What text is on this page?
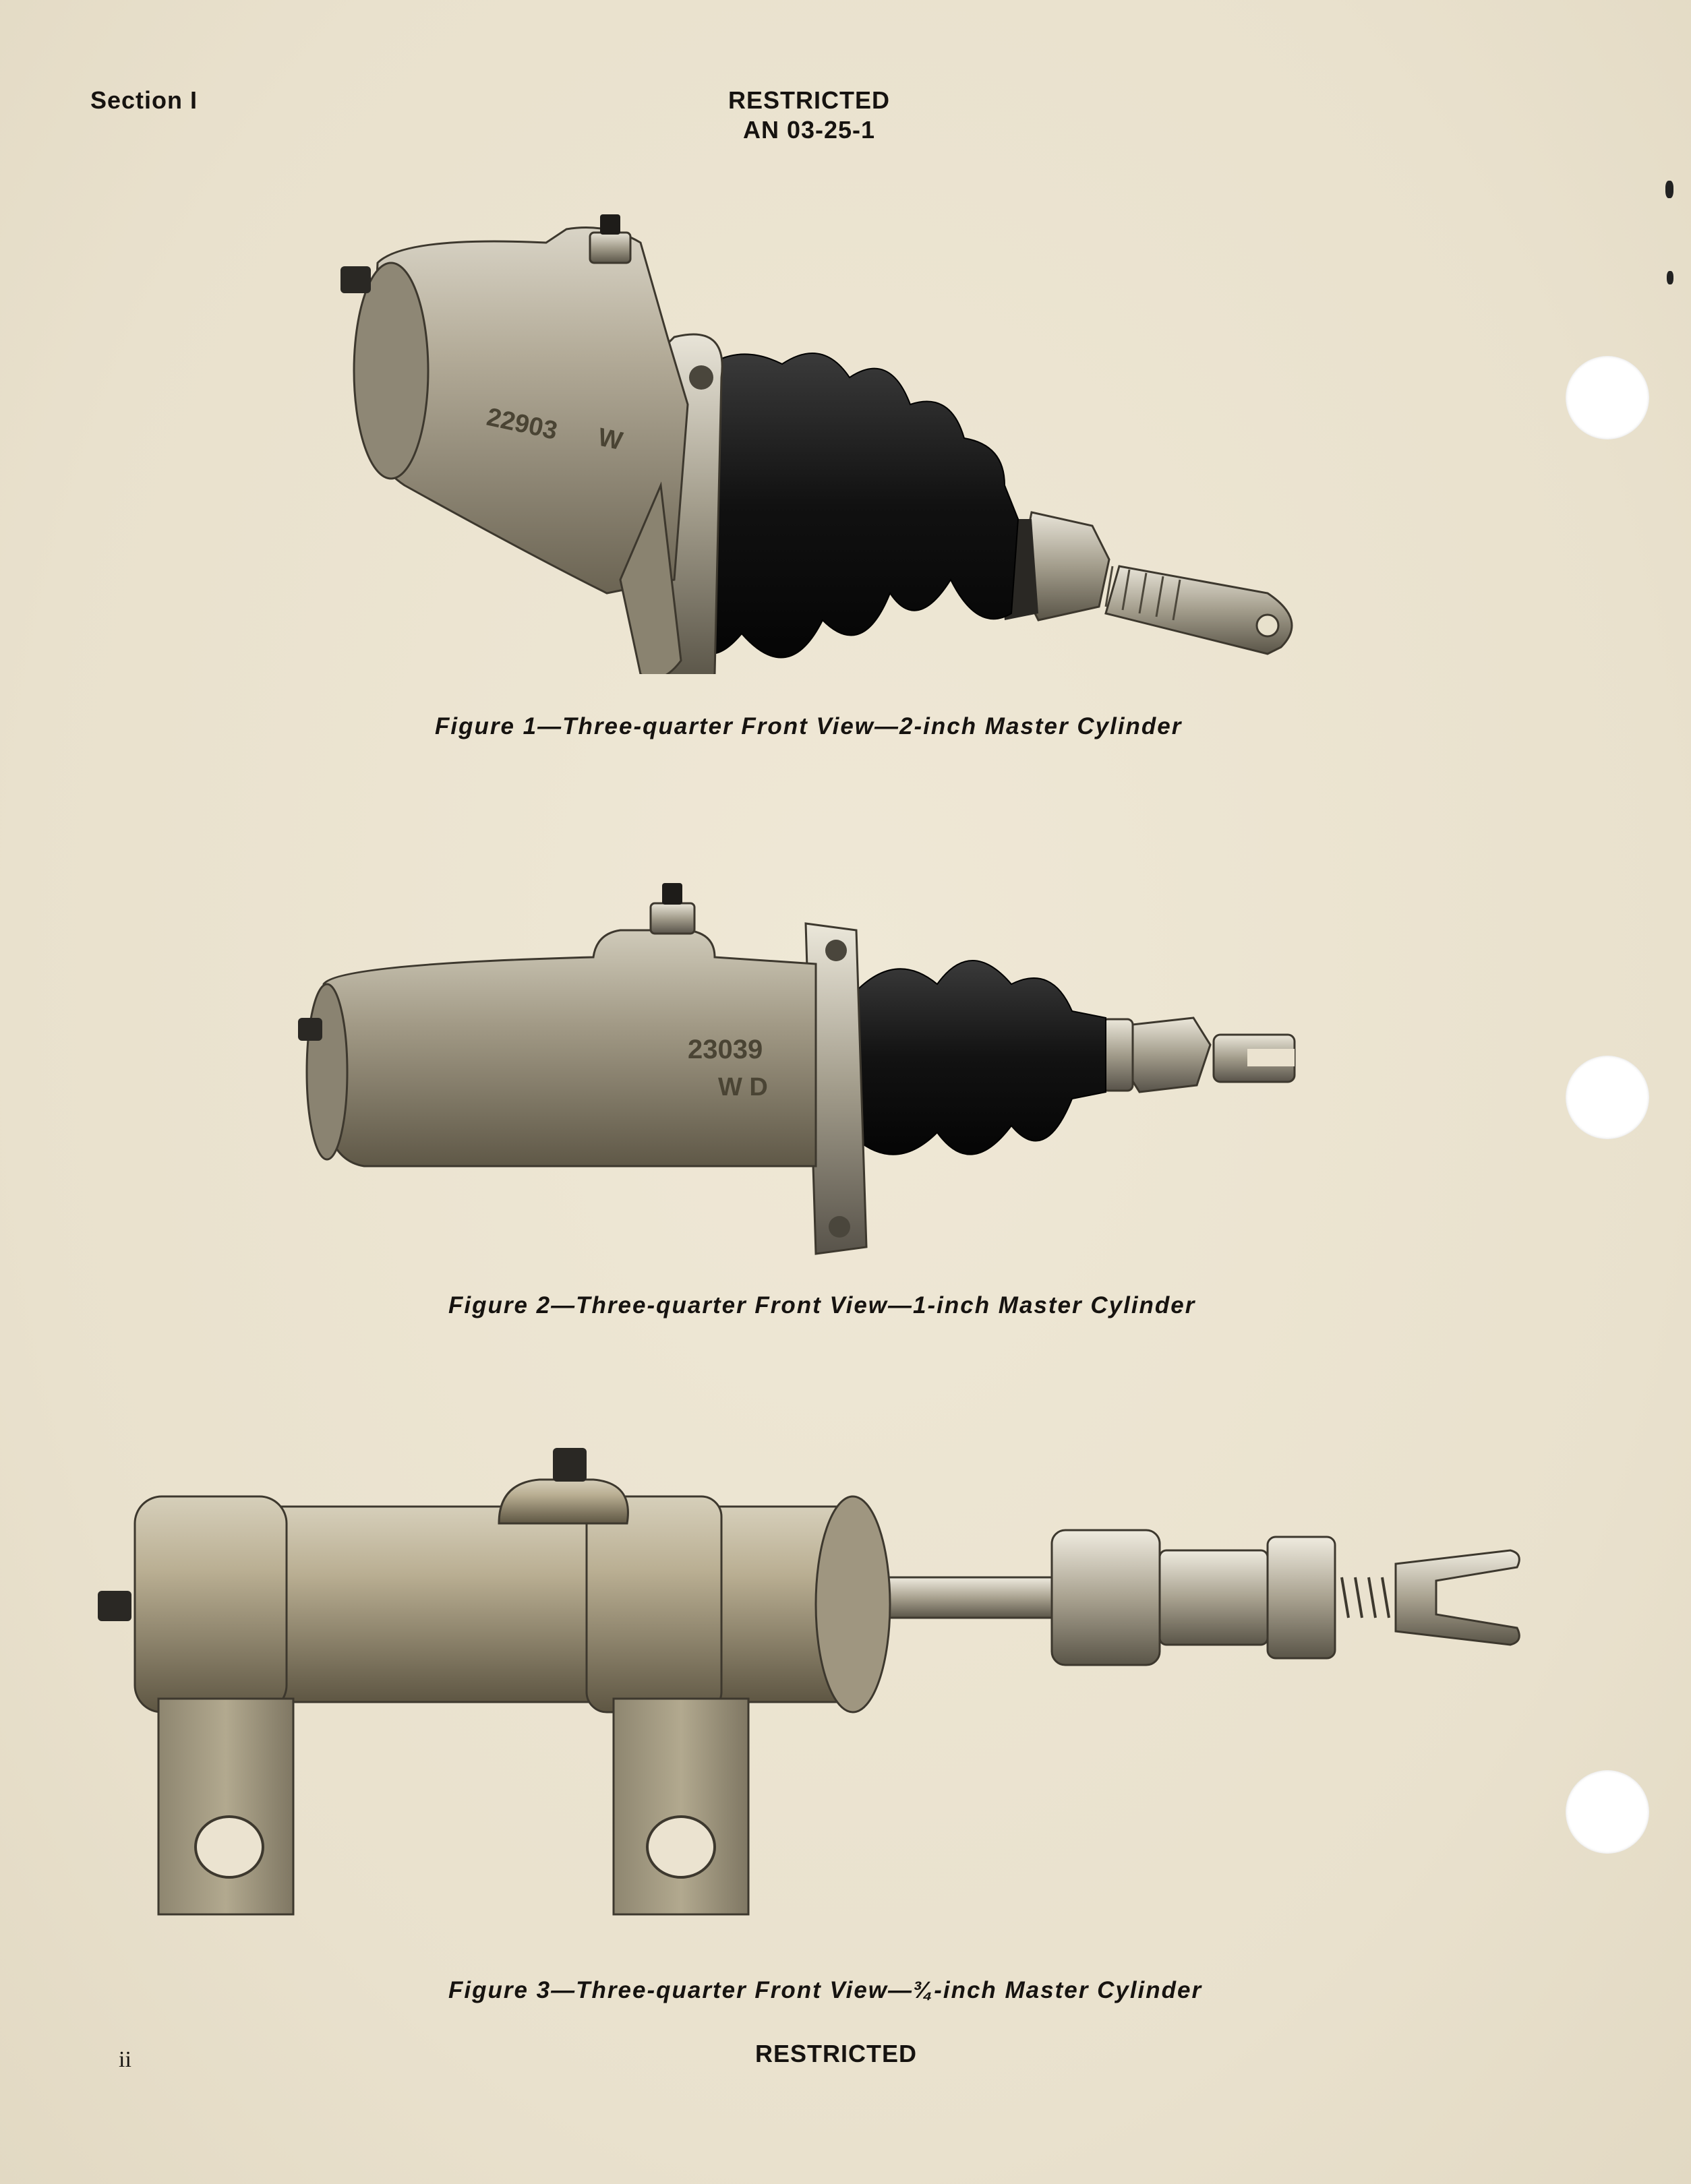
Section I	RESTRICTED
AN 03-25-1
22903 W
Figure 1—Three-quarter Front View—2-inch Master Cylinder
23039
W D
Figure 2—Three-quarter Front View—1-inch Master Cylinder
Figure 3—Three-quarter Front View—¾-inch Master Cylinder
ii	RESTRICTED
